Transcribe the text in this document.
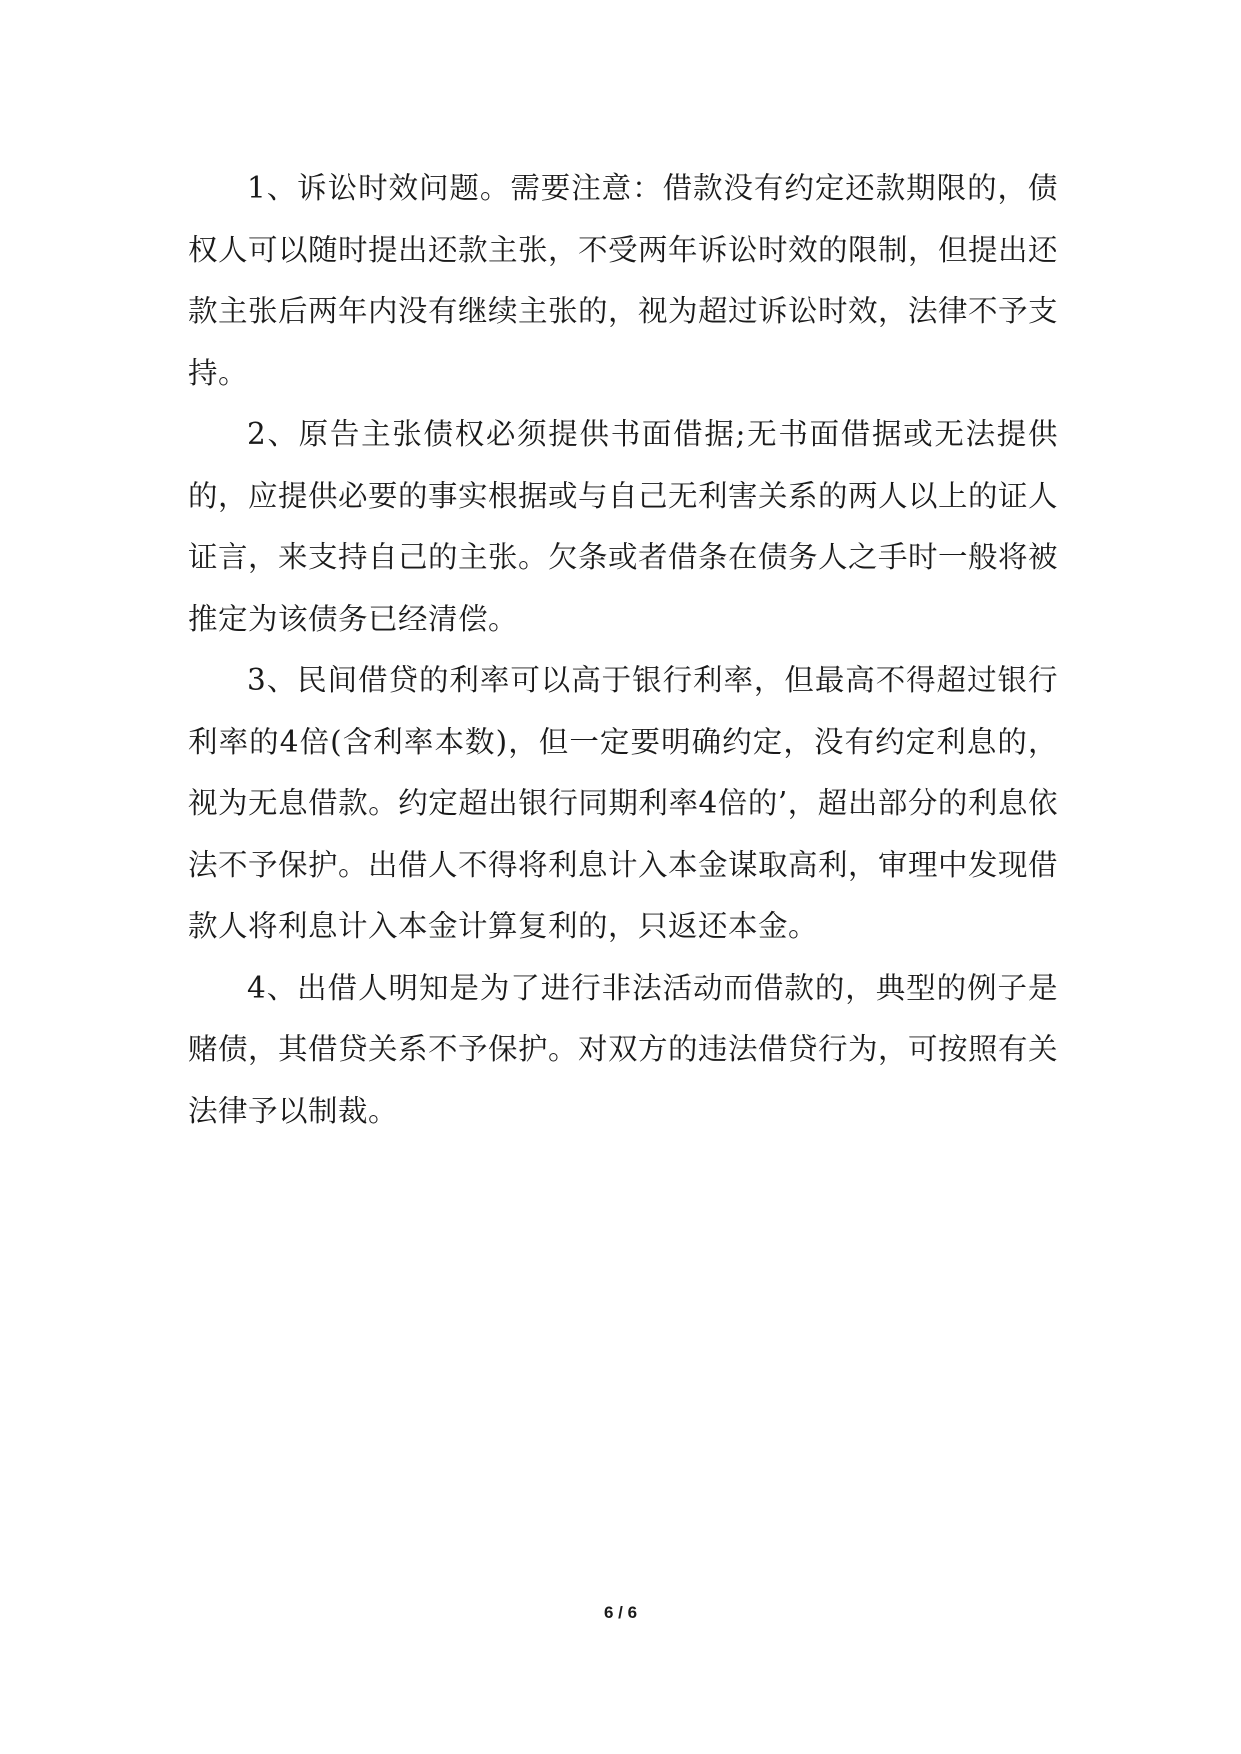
1、诉讼时效问题。需要注意：借款没有约定还款期限的，债权人可以随时提出还款主张，不受两年诉讼时效的限制，但提出还款主张后两年内没有继续主张的，视为超过诉讼时效，法律不予支持。

2、原告主张债权必须提供书面借据;无书面借据或无法提供的，应提供必要的事实根据或与自己无利害关系的两人以上的证人证言，来支持自己的主张。欠条或者借条在债务人之手时一般将被推定为该债务已经清偿。

3、民间借贷的利率可以高于银行利率，但最高不得超过银行利率的4倍(含利率本数)，但一定要明确约定，没有约定利息的，视为无息借款。约定超出银行同期利率4倍的’，超出部分的利息依法不予保护。出借人不得将利息计入本金谋取高利，审理中发现借款人将利息计入本金计算复利的，只返还本金。

4、出借人明知是为了进行非法活动而借款的，典型的例子是赌债，其借贷关系不予保护。对双方的违法借贷行为，可按照有关法律予以制裁。

6 / 6
